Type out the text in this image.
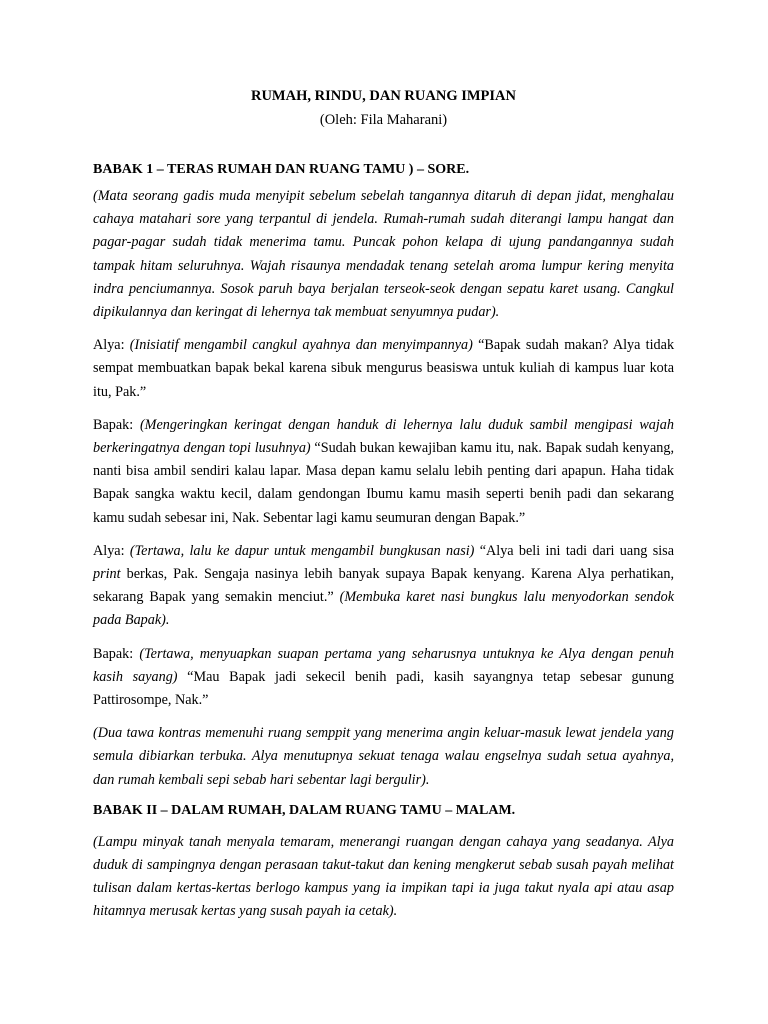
RUMAH, RINDU, DAN RUANG IMPIAN
(Oleh: Fila Maharani)
BABAK 1 – TERAS RUMAH DAN RUANG TAMU ) – SORE.

(Mata seorang gadis muda menyipit sebelum sebelah tangannya ditaruh di depan jidat, menghalau cahaya matahari sore yang terpantul di jendela. Rumah-rumah sudah diterangi lampu hangat dan pagar-pagar sudah tidak menerima tamu. Puncak pohon kelapa di ujung pandangannya sudah tampak hitam seluruhnya. Wajah risaunya mendadak tenang setelah aroma lumpur kering menyita indra penciumannya. Sosok paruh baya berjalan terseok-seok dengan sepatu karet usang. Cangkul dipikulannya dan keringat di lehernya tak membuat senyumnya pudar).

Alya: (Inisiatif mengambil cangkul ayahnya dan menyimpannya) “Bapak sudah makan? Alya tidak sempat membuatkan bapak bekal karena sibuk mengurus beasiswa untuk kuliah di kampus luar kota itu, Pak.”

Bapak: (Mengeringkan keringat dengan handuk di lehernya lalu duduk sambil mengipasi wajah berkeringatnya dengan topi lusuhnya) “Sudah bukan kewajiban kamu itu, nak. Bapak sudah kenyang, nanti bisa ambil sendiri kalau lapar. Masa depan kamu selalu lebih penting dari apapun. Haha tidak Bapak sangka waktu kecil, dalam gendongan Ibumu kamu masih seperti benih padi dan sekarang kamu sudah sebesar ini, Nak. Sebentar lagi kamu seumuran dengan Bapak.”

Alya: (Tertawa, lalu ke dapur untuk mengambil bungkusan nasi) “Alya beli ini tadi dari uang sisa print berkas, Pak. Sengaja nasinya lebih banyak supaya Bapak kenyang. Karena Alya perhatikan, sekarang Bapak yang semakin menciut.” (Membuka karet nasi bungkus lalu menyodorkan sendok pada Bapak).

Bapak: (Tertawa, menyuapkan suapan pertama yang seharusnya untuknya ke Alya dengan penuh kasih sayang) “Mau Bapak jadi sekecil benih padi, kasih sayangnya tetap sebesar gunung Pattirosompe, Nak.”

(Dua tawa kontras memenuhi ruang semppit yang menerima angin keluar-masuk lewat jendela yang semula dibiarkan terbuka. Alya menutupnya sekuat tenaga walau engselnya sudah setua ayahnya, dan rumah kembali sepi sebab hari sebentar lagi bergulir).

BABAK II – DALAM RUMAH, DALAM RUANG TAMU – MALAM.

(Lampu minyak tanah menyala temaram, menerangi ruangan dengan cahaya yang seadanya. Alya duduk di sampingnya dengan perasaan takut-takut dan kening mengkerut sebab susah payah melihat tulisan dalam kertas-kertas berlogo kampus yang ia impikan tapi ia juga takut nyala api atau asap hitamnya merusak kertas yang susah payah ia cetak).
